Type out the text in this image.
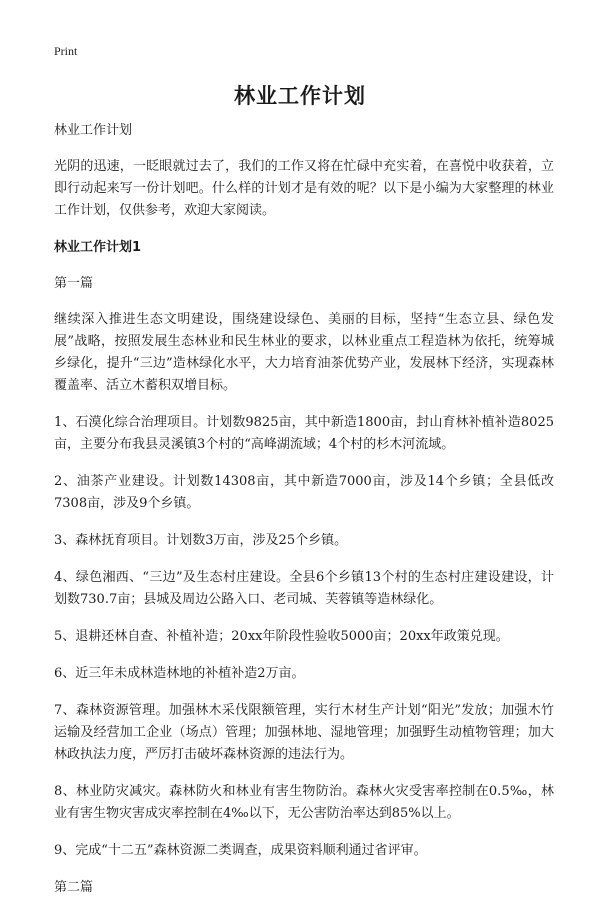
Print
林业工作计划

林业工作计划

光阴的迅速，一眨眼就过去了，我们的工作又将在忙碌中充实着，在喜悦中收获着，立即行动起来写一份计划吧。什么样的计划才是有效的呢？以下是小编为大家整理的林业工作计划，仅供参考，欢迎大家阅读。

林业工作计划1

第一篇

继续深入推进生态文明建设，围绕建设绿色、美丽的目标，坚持“生态立县、绿色发展”战略，按照发展生态林业和民生林业的要求，以林业重点工程造林为依托，统筹城乡绿化，提升“三边”造林绿化水平，大力培育油茶优势产业，发展林下经济，实现森林覆盖率、活立木蓄积双增目标。

1、石漠化综合治理项目。计划数9825亩，其中新造1800亩，封山育林补植补造8025亩，主要分布我县灵溪镇3个村的“高峰湖流域；4个村的杉木河流域。
2、油茶产业建设。计划数14308亩，其中新造7000亩，涉及14个乡镇；全县低改7308亩，涉及9个乡镇。
3、森林抚育项目。计划数3万亩，涉及25个乡镇。
4、绿色湘西、“三边”及生态村庄建设。全县6个乡镇13个村的生态村庄建设建设，计划数730.7亩；县城及周边公路入口、老司城、芙蓉镇等造林绿化。
5、退耕还林自查、补植补造；20xx年阶段性验收5000亩；20xx年政策兑现。
6、近三年未成林造林地的补植补造2万亩。
7、森林资源管理。加强林木采伐限额管理，实行木材生产计划“阳光”发放；加强木竹运输及经营加工企业（场点）管理；加强林地、湿地管理；加强野生动植物管理；加大林政执法力度，严厉打击破坏森林资源的违法行为。
8、林业防灾减灾。森林防火和林业有害生物防治。森林火灾受害率控制在0.5‰，林业有害生物灾害成灾率控制在4‰以下，无公害防治率达到85%以上。
9、完成“十二五”森林资源二类调查，成果资料顺利通过省评审。

第二篇
